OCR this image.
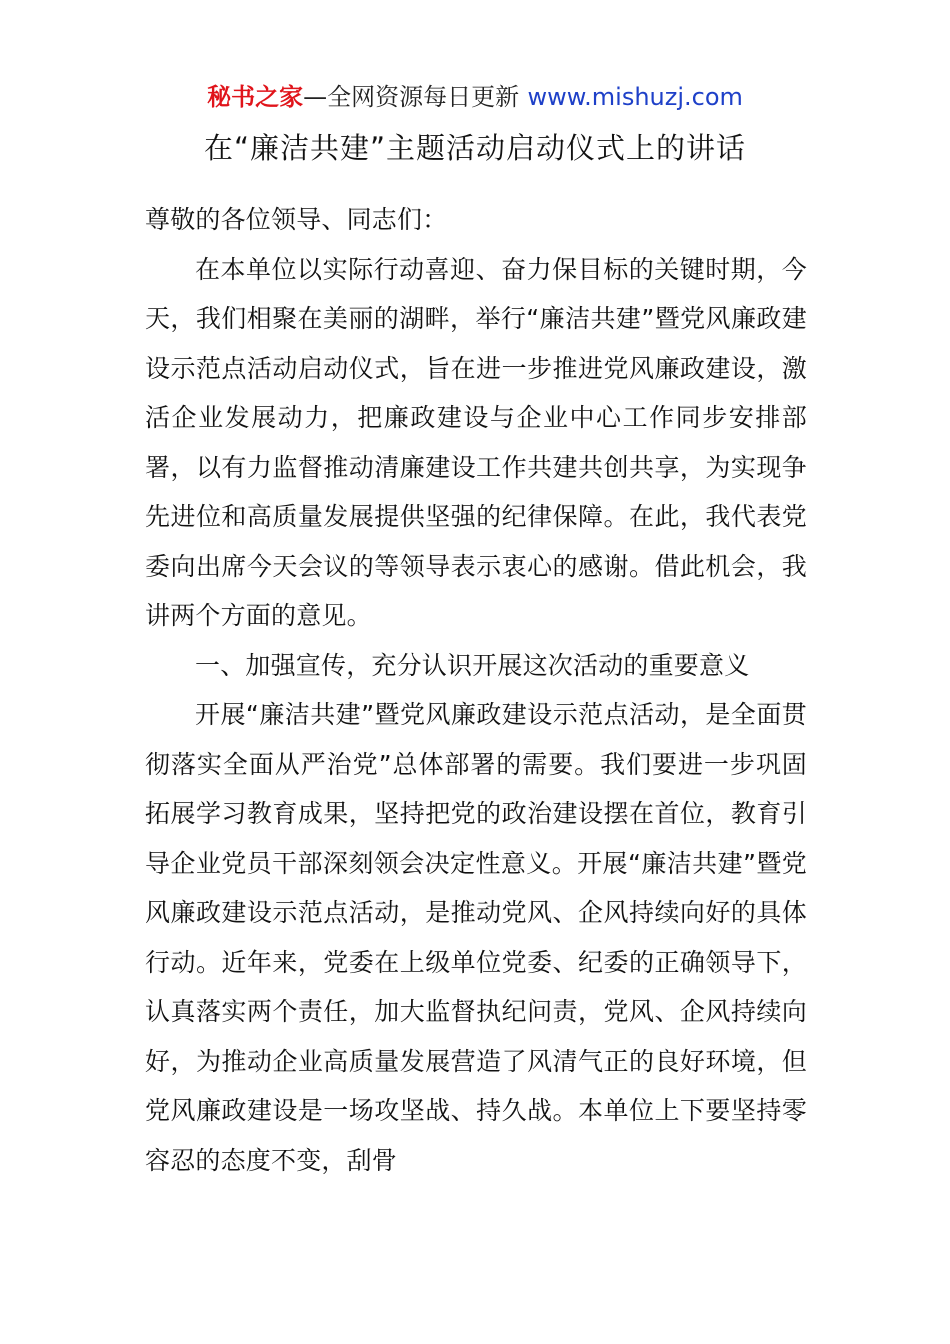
秘书之家—全网资源每日更新 www.mishuzj.com
在“廉洁共建”主题活动启动仪式上的讲话

尊敬的各位领导、同志们：

在本单位以实际行动喜迎、奋力保目标的关键时期，今天，我们相聚在美丽的湖畔，举行“廉洁共建”暨党风廉政建设示范点活动启动仪式，旨在进一步推进党风廉政建设，激活企业发展动力，把廉政建设与企业中心工作同步安排部署，以有力监督推动清廉建设工作共建共创共享，为实现争先进位和高质量发展提供坚强的纪律保障。在此，我代表党委向出席今天会议的等领导表示衷心的感谢。借此机会，我讲两个方面的意见。

一、加强宣传，充分认识开展这次活动的重要意义

开展“廉洁共建”暨党风廉政建设示范点活动，是全面贯彻落实全面从严治党”总体部署的需要。我们要进一步巩固拓展学习教育成果，坚持把党的政治建设摆在首位，教育引导企业党员干部深刻领会决定性意义。开展“廉洁共建”暨党风廉政建设示范点活动，是推动党风、企风持续向好的具体行动。近年来，党委在上级单位党委、纪委的正确领导下，认真落实两个责任，加大监督执纪问责，党风、企风持续向好，为推动企业高质量发展营造了风清气正的良好环境，但党风廉政建设是一场攻坚战、持久战。本单位上下要坚持零容忍的态度不变，刮骨
